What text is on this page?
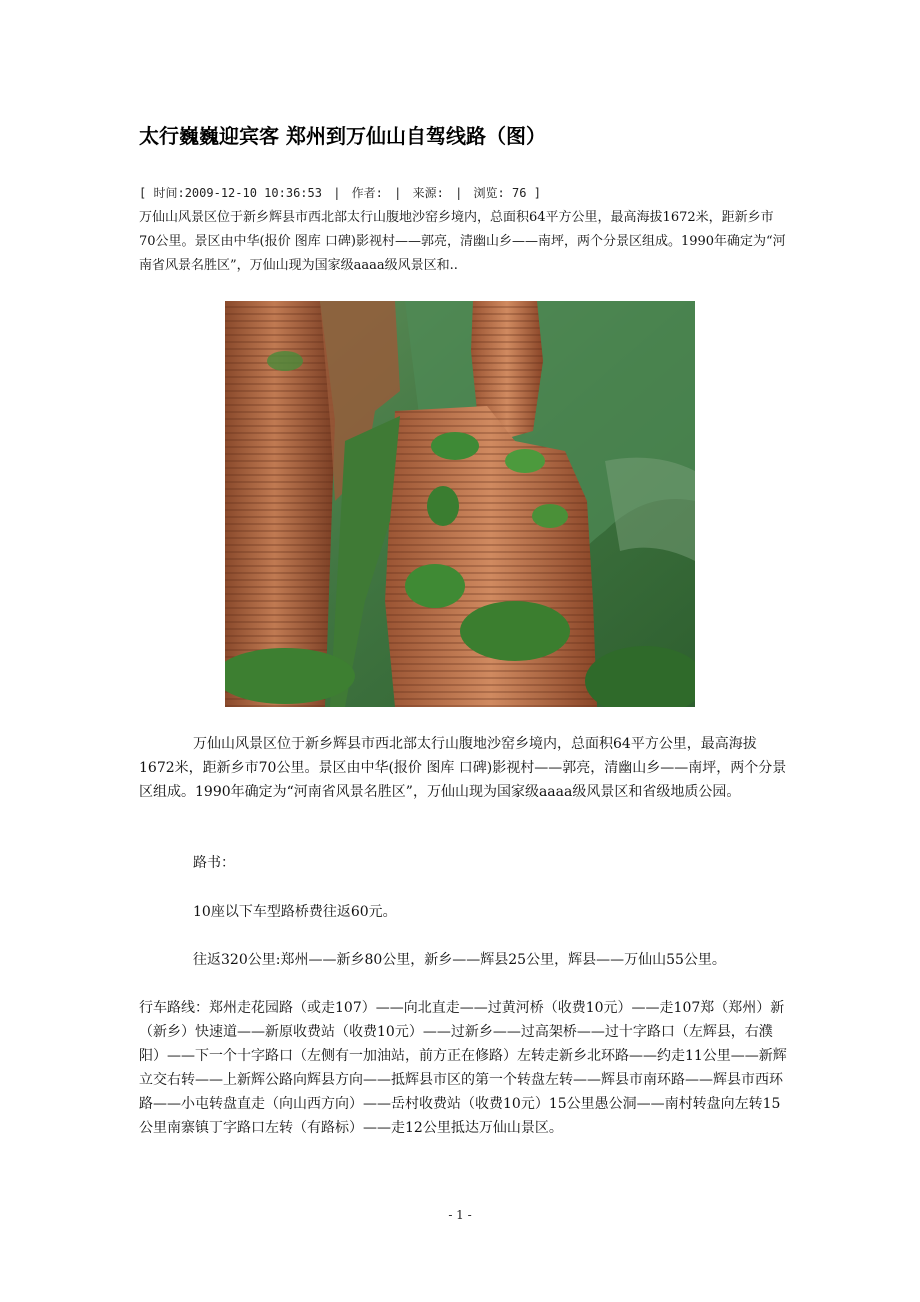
太行巍巍迎宾客 郑州到万仙山自驾线路（图）
[ 时间:2009-12-10 10:36:53 | 作者: | 来源: | 浏览: 76 ]
万仙山风景区位于新乡辉县市西北部太行山腹地沙窑乡境内，总面积64平方公里，最高海拔1672米，距新乡市70公里。景区由中华(报价 图库 口碑)影视村——郭亮，清幽山乡——南坪，两个分景区组成。1990年确定为“河南省风景名胜区”，万仙山现为国家级aaaa级风景区和..

万仙山风景区位于新乡辉县市西北部太行山腹地沙窑乡境内，总面积64平方公里，最高海拔1672米，距新乡市70公里。景区由中华(报价 图库 口碑)影视村——郭亮，清幽山乡——南坪，两个分景区组成。1990年确定为“河南省风景名胜区”，万仙山现为国家级aaaa级风景区和省级地质公园。

路书：

10座以下车型路桥费往返60元。

往返320公里:郑州——新乡80公里，新乡——辉县25公里，辉县——万仙山55公里。

行车路线：郑州走花园路（或走107）——向北直走——过黄河桥（收费10元）——走107郑（郑州）新（新乡）快速道——新原收费站（收费10元）——过新乡——过高架桥——过十字路口（左辉县，右濮阳）——下一个十字路口（左侧有一加油站，前方正在修路）左转走新乡北环路——约走11公里——新辉立交右转——上新辉公路向辉县方向——抵辉县市区的第一个转盘左转——辉县市南环路——辉县市西环路——小屯转盘直走（向山西方向）——岳村收费站（收费10元）15公里愚公洞——南村转盘向左转15公里南寨镇丁字路口左转（有路标）——走12公里抵达万仙山景区。

- 1 -
